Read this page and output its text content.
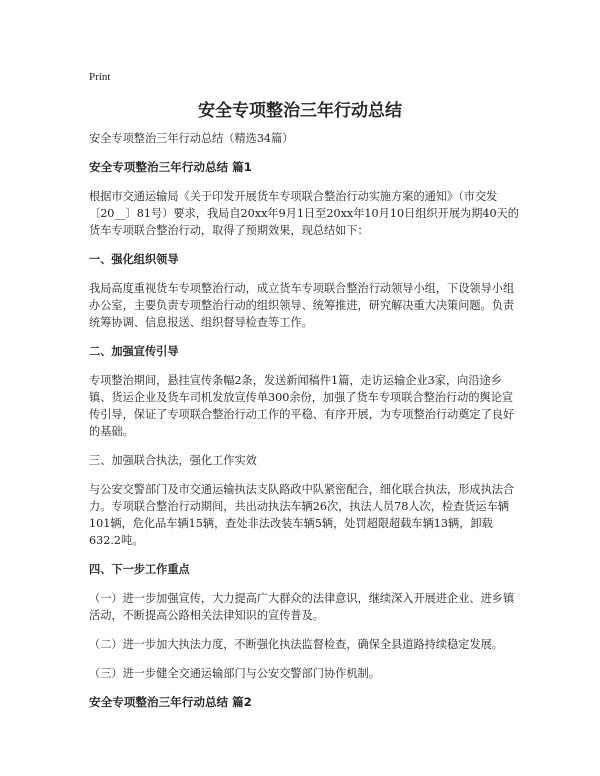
Print
安全专项整治三年行动总结

安全专项整治三年行动总结（精选34篇）

安全专项整治三年行动总结 篇1

根据市交通运输局《关于印发开展货车专项联合整治行动实施方案的通知》（市交发〔20__〕81号）要求，我局自20xx年9月1日至20xx年10月10日组织开展为期40天的货车专项联合整治行动，取得了预期效果，现总结如下：

一、强化组织领导

我局高度重视货车专项整治行动，成立货车专项联合整治行动领导小组，下设领导小组办公室，主要负责专项整治行动的组织领导、统筹推进，研究解决重大决策问题。负责统筹协调、信息报送、组织督导检查等工作。

二、加强宣传引导

专项整治期间，悬挂宣传条幅2条，发送新闻稿件1篇，走访运输企业3家，向沿途乡镇、货运企业及货车司机发放宣传单300余份，加强了货车专项联合整治行动的舆论宣传引导，保证了专项联合整治行动工作的平稳、有序开展，为专项整治行动奠定了良好的基础。

三、加强联合执法，强化工作实效

与公安交警部门及市交通运输执法支队路政中队紧密配合，细化联合执法，形成执法合力。专项联合整治行动期间，共出动执法车辆26次，执法人员78人次，检查货运车辆101辆，危化品车辆15辆，查处非法改装车辆5辆，处罚超限超载车辆13辆，卸载632.2吨。

四、下一步工作重点

（一）进一步加强宣传，大力提高广大群众的法律意识，继续深入开展进企业、进乡镇活动，不断提高公路相关法律知识的宣传普及。

（二）进一步加大执法力度，不断强化执法监督检查，确保全县道路持续稳定发展。

（三）进一步健全交通运输部门与公安交警部门协作机制。

安全专项整治三年行动总结 篇2
